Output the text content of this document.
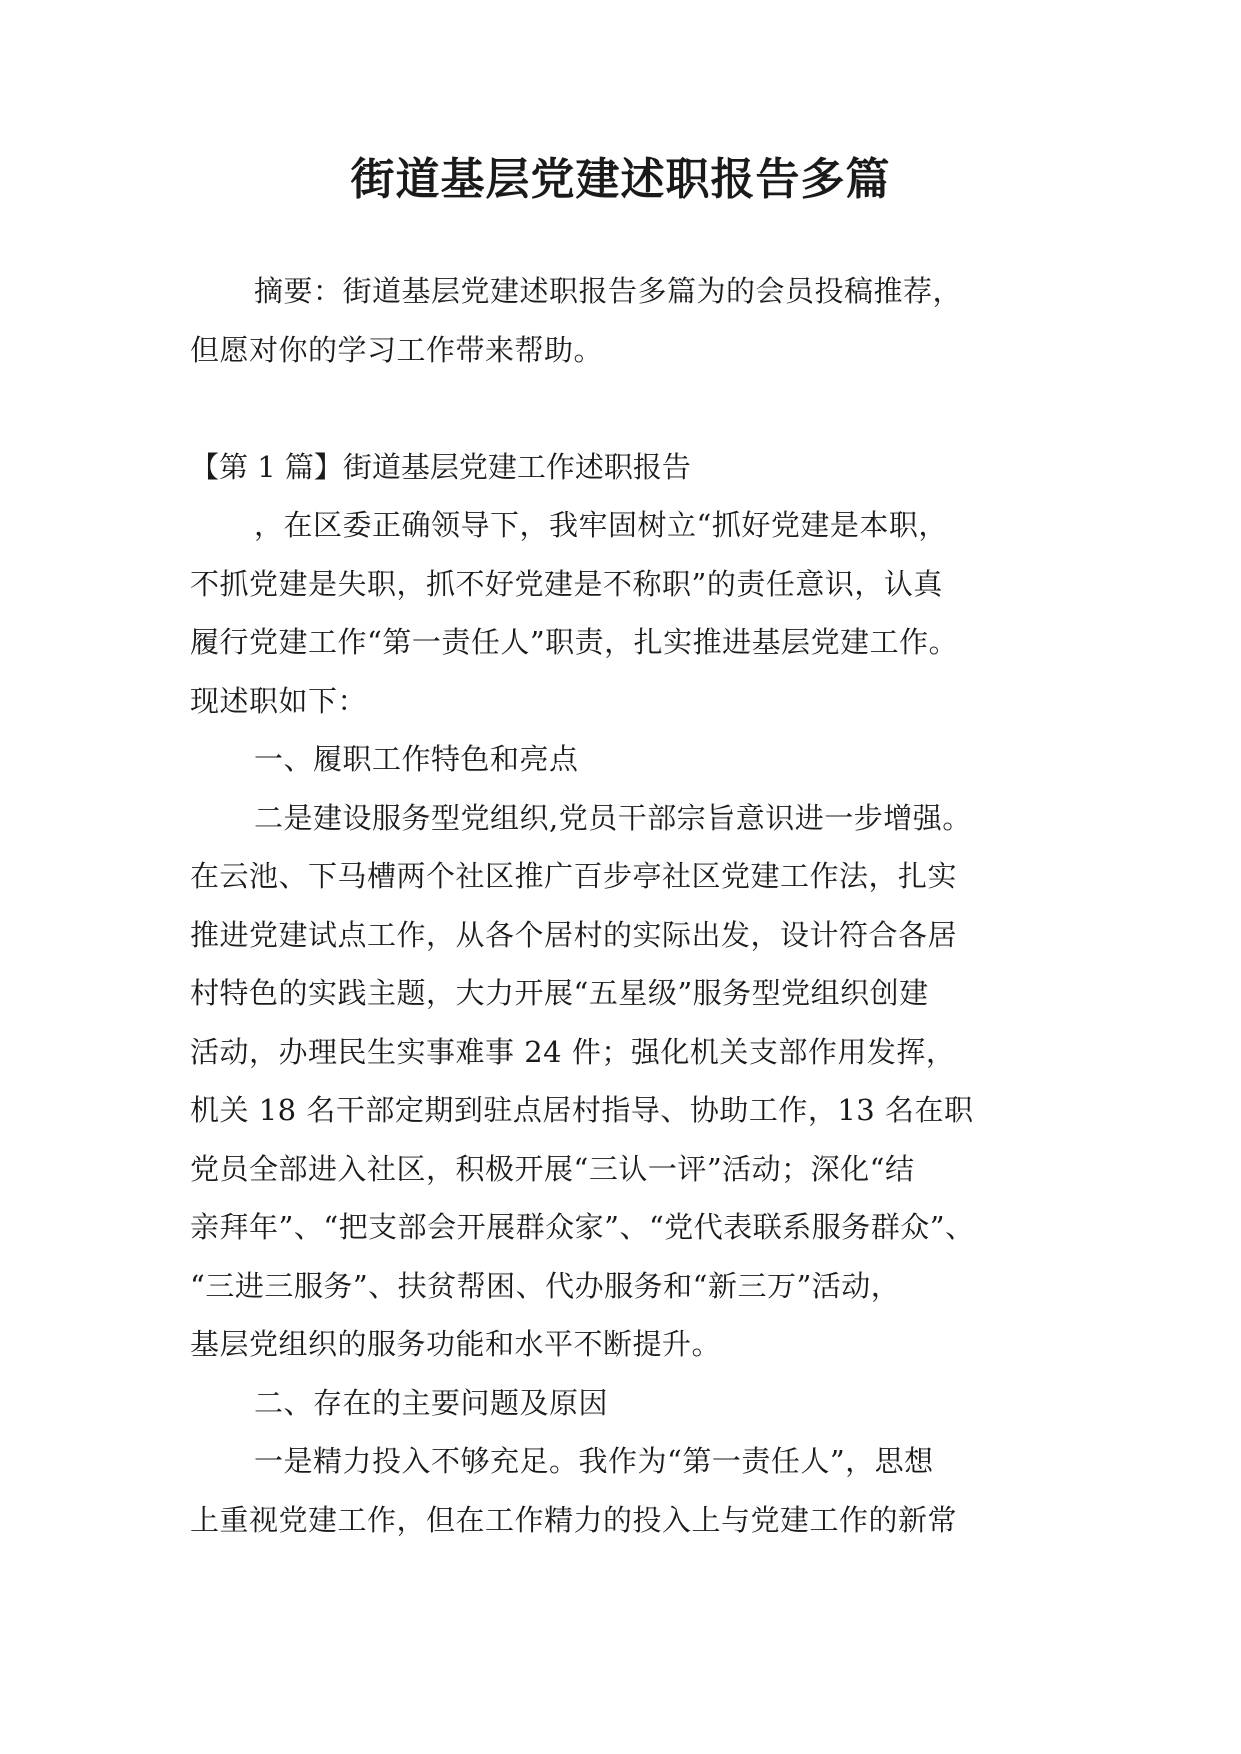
街道基层党建述职报告多篇
摘要：街道基层党建述职报告多篇为的会员投稿推荐，
但愿对你的学习工作带来帮助。
【第 1 篇】街道基层党建工作述职报告
，在区委正确领导下，我牢固树立“抓好党建是本职，
不抓党建是失职，抓不好党建是不称职”的责任意识，认真
履行党建工作“第一责任人”职责，扎实推进基层党建工作。
现述职如下：
一、履职工作特色和亮点
二是建设服务型党组织,党员干部宗旨意识进一步增强。
在云池、下马槽两个社区推广百步亭社区党建工作法，扎实
推进党建试点工作，从各个居村的实际出发，设计符合各居
村特色的实践主题，大力开展“五星级”服务型党组织创建
活动，办理民生实事难事 24 件；强化机关支部作用发挥，
机关 18 名干部定期到驻点居村指导、协助工作，13 名在职
党员全部进入社区，积极开展“三认一评”活动；深化“结
亲拜年”、“把支部会开展群众家”、“党代表联系服务群众”、
“三进三服务”、扶贫帮困、代办服务和“新三万”活动，
基层党组织的服务功能和水平不断提升。
二、存在的主要问题及原因
一是精力投入不够充足。我作为“第一责任人”，思想
上重视党建工作，但在工作精力的投入上与党建工作的新常
